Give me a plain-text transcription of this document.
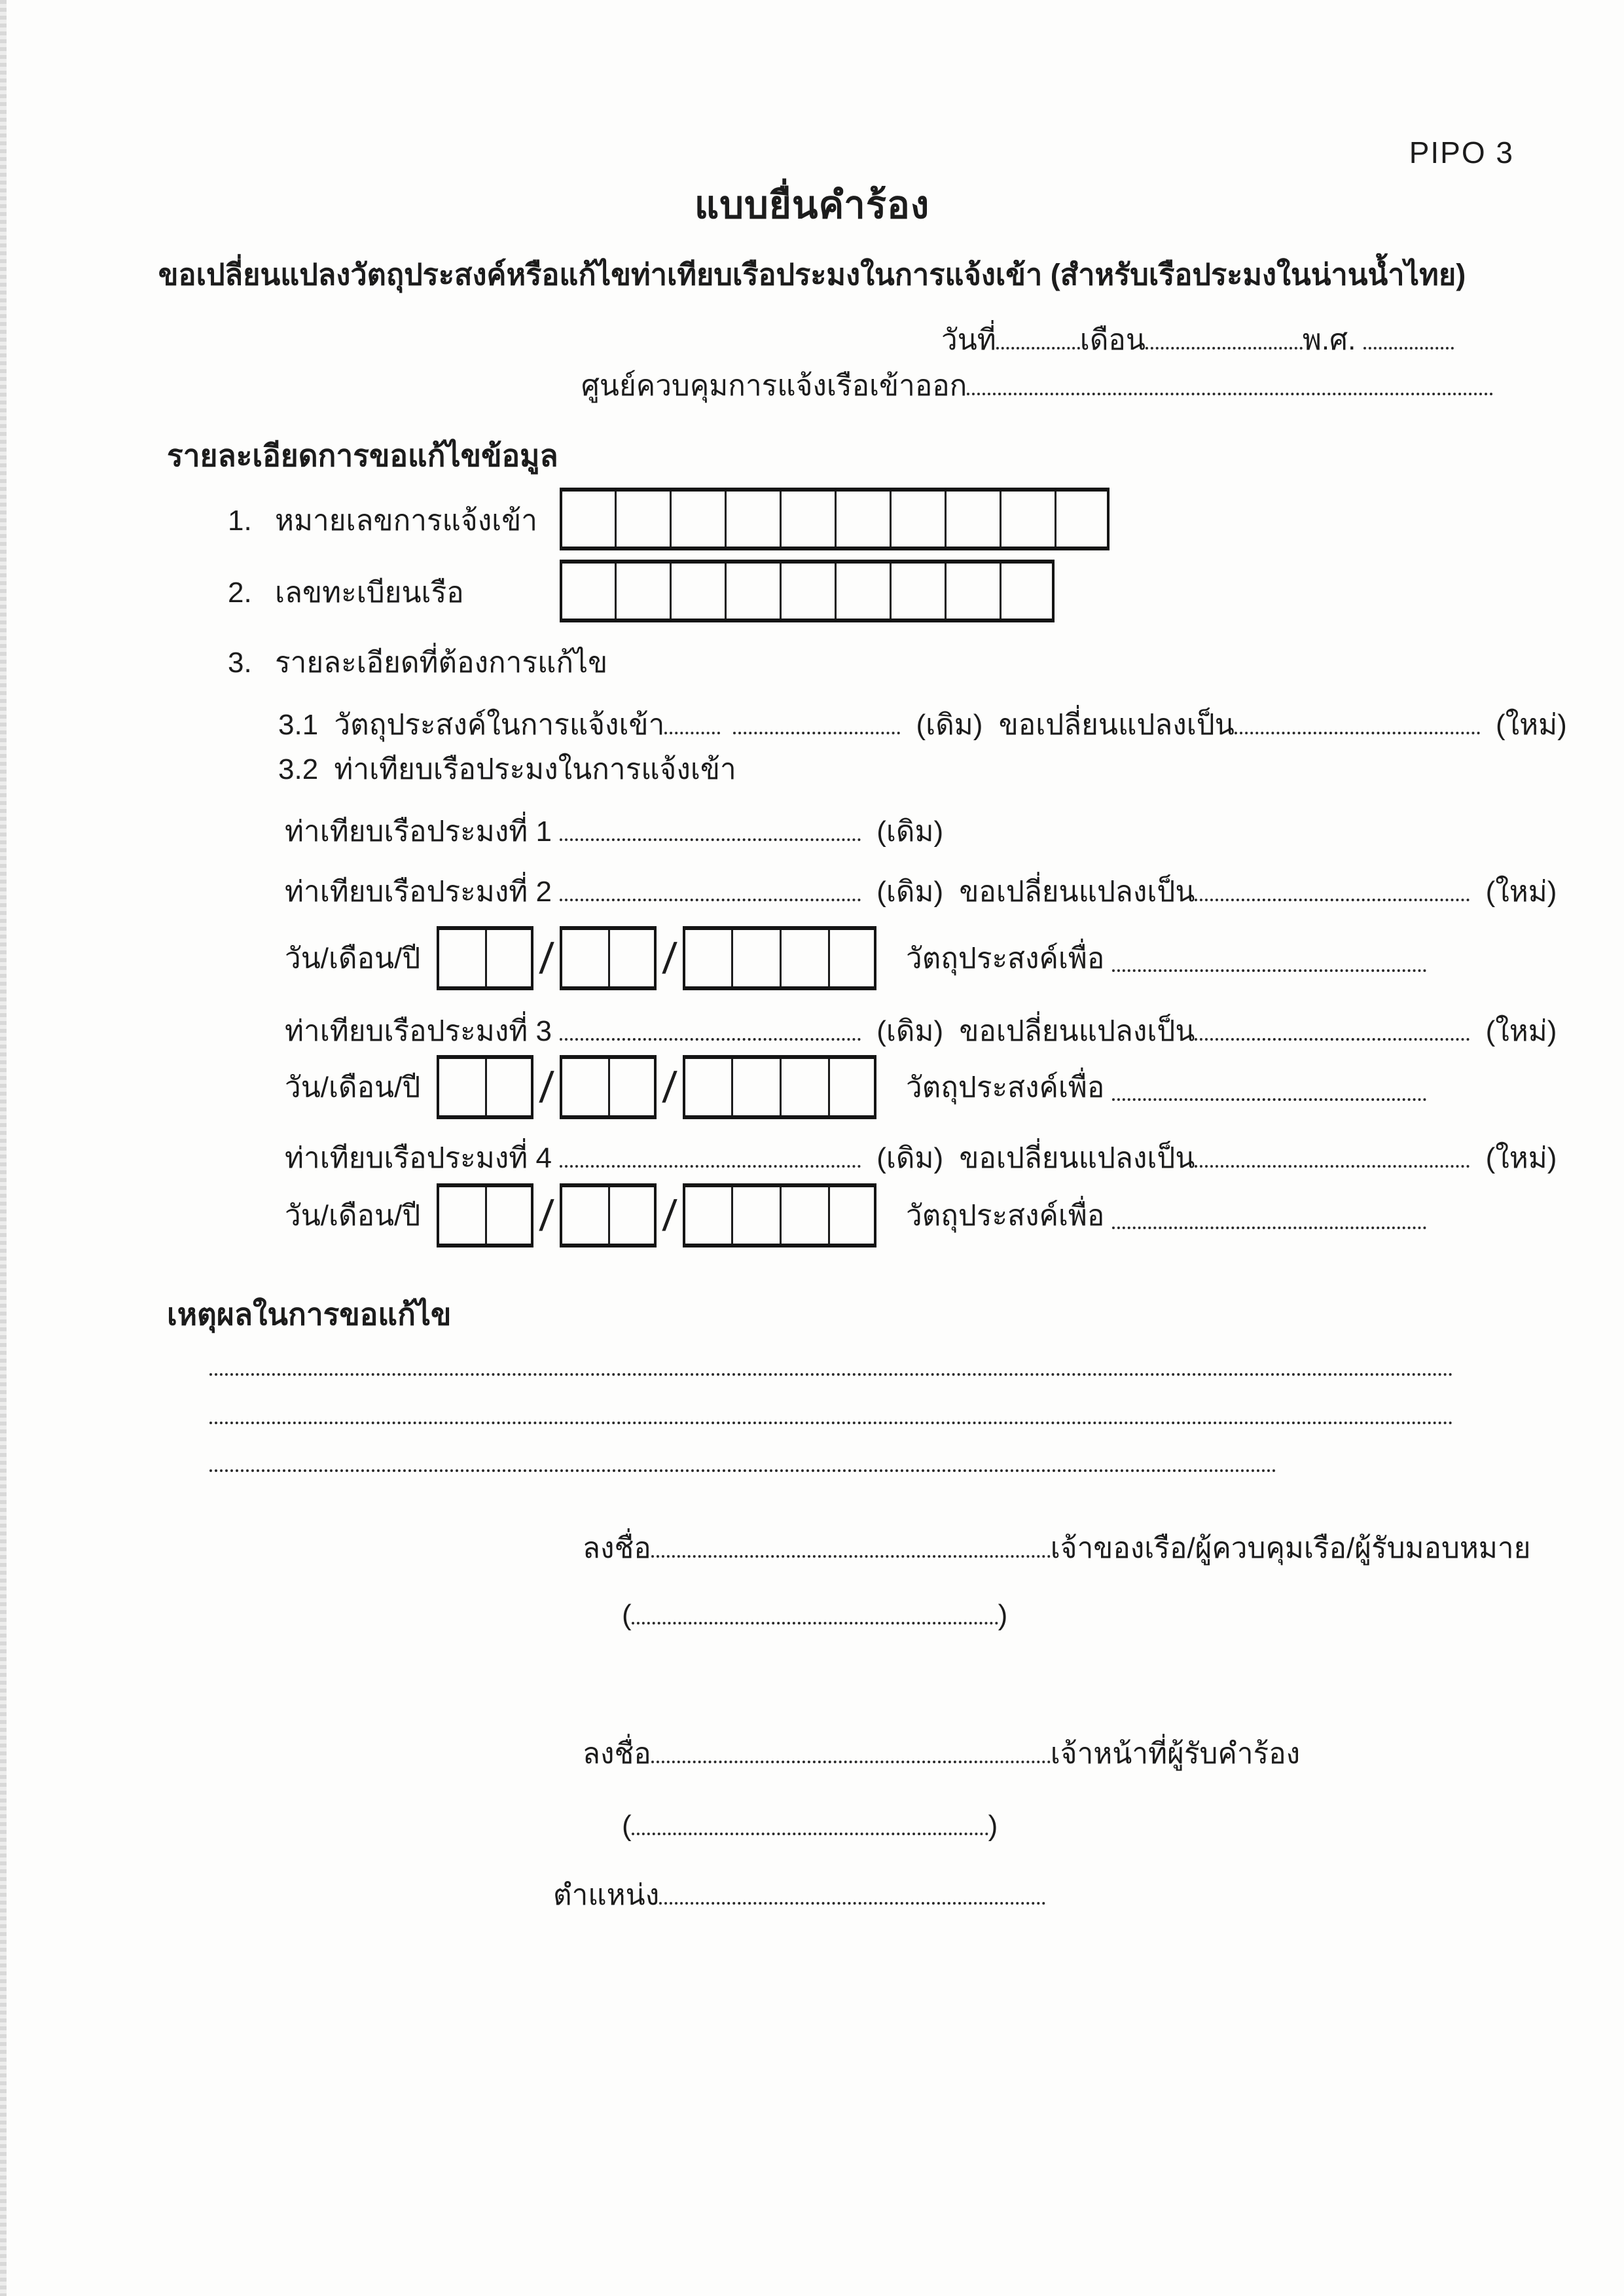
PIPO 3
แบบยื่นคำร้อง
ขอเปลี่ยนแปลงวัตถุประสงค์หรือแก้ไขท่าเทียบเรือประมงในการแจ้งเข้า (สำหรับเรือประมงในน่านน้ำไทย)
วันที่	เดือน	พ.ศ.
ศูนย์ควบคุมการแจ้งเรือเข้าออก
รายละเอียดการขอแก้ไขข้อมูล
1. หมายเลขการแจ้งเข้า
2. เลขทะเบียนเรือ
3. รายละเอียดที่ต้องการแก้ไข
3.1 วัตถุประสงค์ในการแจ้งเข้า	(เดิม) ขอเปลี่ยนแปลงเป็น	(ใหม่)
3.2 ท่าเทียบเรือประมงในการแจ้งเข้า
ท่าเทียบเรือประมงที่ 1	(เดิม)
ท่าเทียบเรือประมงที่ 2	(เดิม) ขอเปลี่ยนแปลงเป็น	(ใหม่)
วัน/เดือน/ปี	/ /	วัตถุประสงค์เพื่อ
ท่าเทียบเรือประมงที่ 3	(เดิม) ขอเปลี่ยนแปลงเป็น	(ใหม่)
วัน/เดือน/ปี	/ /	วัตถุประสงค์เพื่อ
ท่าเทียบเรือประมงที่ 4	(เดิม) ขอเปลี่ยนแปลงเป็น	(ใหม่)
วัน/เดือน/ปี	/ /	วัตถุประสงค์เพื่อ
เหตุผลในการขอแก้ไข
ลงชื่อ	เจ้าของเรือ/ผู้ควบคุมเรือ/ผู้รับมอบหมาย
(	)
ลงชื่อ	เจ้าหน้าที่ผู้รับคำร้อง
(	)
ตำแหน่ง
